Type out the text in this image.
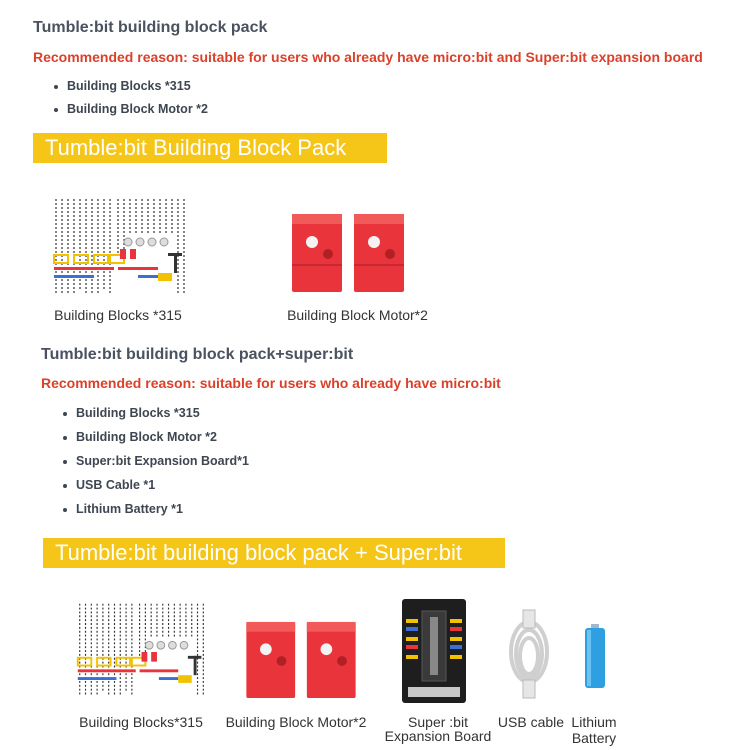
Tumble:bit building block pack
Recommended reason: suitable for users who already have micro:bit and Super:bit expansion board
Building Blocks *315
Building Block Motor *2
Tumble:bit Building Block Pack
Building Blocks *315	Building Block Motor*2
Tumble:bit building block pack+super:bit
Recommended reason: suitable for users who already have micro:bit
Building Blocks *315
Building Block Motor *2
Super:bit Expansion Board*1
USB Cable *1
Lithium Battery *1
Tumble:bit building block pack + Super:bit
Building Blocks*315	Building Block Motor*2	Super :bit
Expansion Board
USB cable Lithium
Battery
